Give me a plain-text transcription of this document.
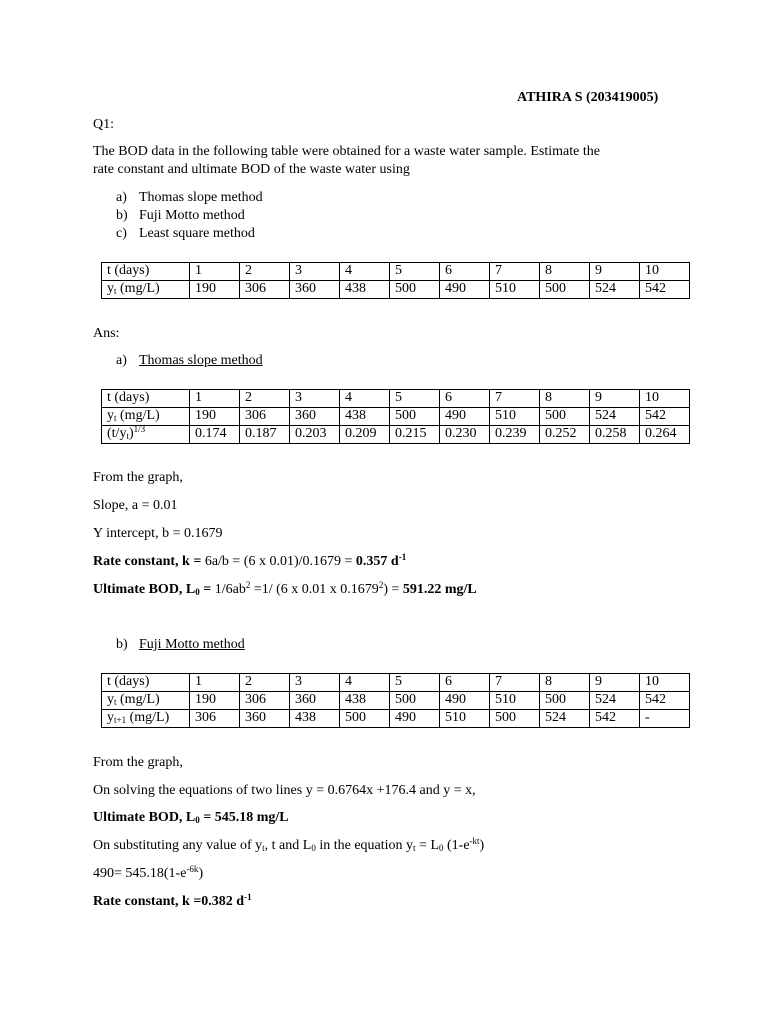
ATHIRA S (203419005)
Q1:
The BOD data in the following table were obtained for a waste water sample. Estimate the
rate constant and ultimate BOD of the waste water using
a) Thomas slope method
b) Fuji Motto method
c) Least square method
t (days)	1	2	3	4	5	6	7	8	9	10
$y_t$ (mg/L)	190	306	360	438	500	490	510	500	524	542
Ans:
a) Thomas slope method
t (days)	1	2	3	4	5	6	7	8	9	10
$y_t$ (mg/L)	190	306	360	438	500	490	510	500	524	542
$(t/y_t)^{1/3}$	0.174	0.187	0.203	0.209	0.215	0.230	0.239	0.252	0.258	0.264
From the graph,
Slope, a = 0.01
Y intercept, b = 0.1679
Rate constant, k = 6a/b = (6 x 0.01)/0.1679 = 0.357 $d^{-1}$
Ultimate BOD, $L_0 = 1/6ab^2 =1/$ (6 x 0.01 x $0.1679^2) = 591.22$ mg/L
b) Fuji Motto method
t (days)	1	2	3	4	5	6	7	8	9	10
$y_t$ (mg/L)	190	306	360	438	500	490	510	500	524	542
$y_{t+1}$ (mg/L)	306	360	438	500	490	510	500	524	542	-
From the graph,
On solving the equations of two lines y = 0.6764x +176.4 and y = x,
Ultimate BOD, $L_0 = 545.18$ mg/L
On substituting any value of $y_t$, t and $L_0$ in the equation $y_t = L_0$ $(1-e^{-kt})$
$490= 545.18(1-e^{-6k})$
Rate constant, k =0.382 $d^{-1}$
